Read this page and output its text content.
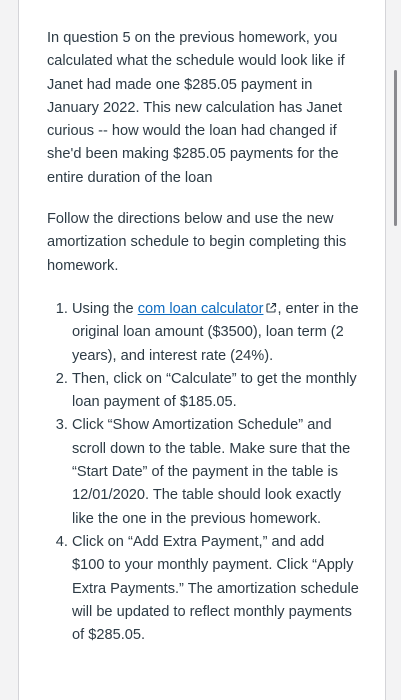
In question 5 on the previous homework, you calculated what the schedule would look like if Janet had made one $285.05 payment in January 2022. This new calculation has Janet curious -- how would the loan had changed if she'd been making $285.05 payments for the entire duration of the loan

Follow the directions below and use the new amortization schedule to begin completing this homework.

1. Using the com loan calculator , enter in the original loan amount ($3500), loan term (2 years), and interest rate (24%).
2. Then, click on “Calculate” to get the monthly loan payment of $185.05.
3. Click “Show Amortization Schedule” and scroll down to the table. Make sure that the “Start Date” of the payment in the table is 12/01/2020. The table should look exactly like the one in the previous homework.
4. Click on “Add Extra Payment,” and add $100 to your monthly payment. Click “Apply Extra Payments.” The amortization schedule will be updated to reflect monthly payments of $285.05.
